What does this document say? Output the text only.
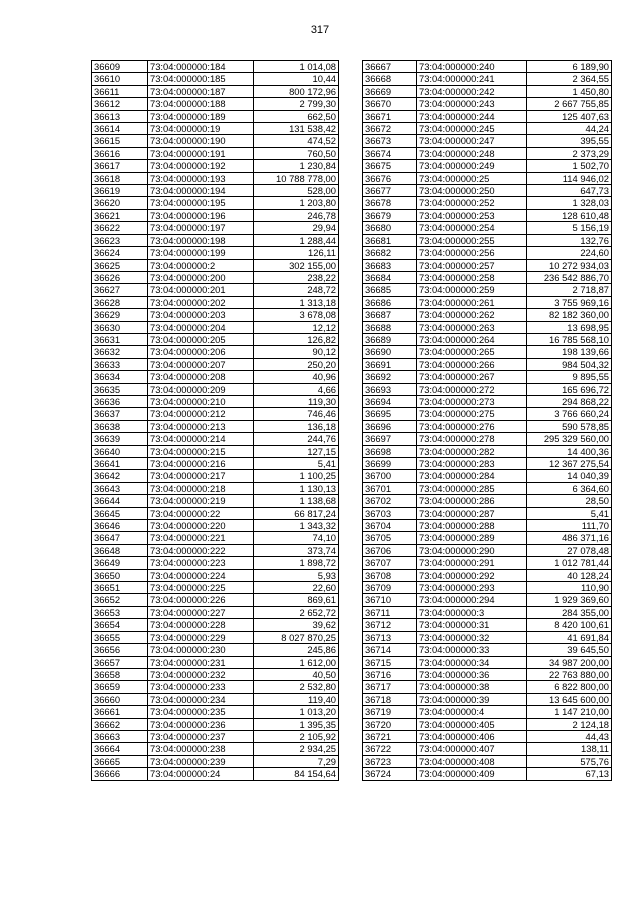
317
36609	73:04:000000:184	1 014,08
36610	73:04:000000:185	10,44
36611	73:04:000000:187	800 172,96
36612	73:04:000000:188	2 799,30
36613	73:04:000000:189	662,50
36614	73:04:000000:19	131 538,42
36615	73:04:000000:190	474,52
36616	73:04:000000:191	760,50
36617	73:04:000000:192	1 230,84
36618	73:04:000000:193	10 788 778,00
36619	73:04:000000:194	528,00
36620	73:04:000000:195	1 203,80
36621	73:04:000000:196	246,78
36622	73:04:000000:197	29,94
36623	73:04:000000:198	1 288,44
36624	73:04:000000:199	126,11
36625	73:04:000000:2	302 155,00
36626	73:04:000000:200	238,22
36627	73:04:000000:201	248,72
36628	73:04:000000:202	1 313,18
36629	73:04:000000:203	3 678,08
36630	73:04:000000:204	12,12
36631	73:04:000000:205	126,82
36632	73:04:000000:206	90,12
36633	73:04:000000:207	250,20
36634	73:04:000000:208	40,96
36635	73:04:000000:209	4,66
36636	73:04:000000:210	119,30
36637	73:04:000000:212	746,46
36638	73:04:000000:213	136,18
36639	73:04:000000:214	244,76
36640	73:04:000000:215	127,15
36641	73:04:000000:216	5,41
36642	73:04:000000:217	1 100,25
36643	73:04:000000:218	1 130,13
36644	73:04:000000:219	1 138,68
36645	73:04:000000:22	66 817,24
36646	73:04:000000:220	1 343,32
36647	73:04:000000:221	74,10
36648	73:04:000000:222	373,74
36649	73:04:000000:223	1 898,72
36650	73:04:000000:224	5,93
36651	73:04:000000:225	22,60
36652	73:04:000000:226	869,61
36653	73:04:000000:227	2 652,72
36654	73:04:000000:228	39,62
36655	73:04:000000:229	8 027 870,25
36656	73:04:000000:230	245,86
36657	73:04:000000:231	1 612,00
36658	73:04:000000:232	40,50
36659	73:04:000000:233	2 532,80
36660	73:04:000000:234	119,40
36661	73:04:000000:235	1 013,20
36662	73:04:000000:236	1 395,35
36663	73:04:000000:237	2 105,92
36664	73:04:000000:238	2 934,25
36665	73:04:000000:239	7,29
36666	73:04:000000:24	84 154,64
36667	73:04:000000:240	6 189,90
36668	73:04:000000:241	2 364,55
36669	73:04:000000:242	1 450,80
36670	73:04:000000:243	2 667 755,85
36671	73:04:000000:244	125 407,63
36672	73:04:000000:245	44,24
36673	73:04:000000:247	395,55
36674	73:04:000000:248	2 373,29
36675	73:04:000000:249	1 502,70
36676	73:04:000000:25	114 946,02
36677	73:04:000000:250	647,73
36678	73:04:000000:252	1 328,03
36679	73:04:000000:253	128 610,48
36680	73:04:000000:254	5 156,19
36681	73:04:000000:255	132,76
36682	73:04:000000:256	224,60
36683	73:04:000000:257	10 272 934,03
36684	73:04:000000:258	236 542 886,70
36685	73:04:000000:259	2 718,87
36686	73:04:000000:261	3 755 969,16
36687	73:04:000000:262	82 182 360,00
36688	73:04:000000:263	13 698,95
36689	73:04:000000:264	16 785 568,10
36690	73:04:000000:265	198 139,66
36691	73:04:000000:266	984 504,32
36692	73:04:000000:267	9 895,55
36693	73:04:000000:272	165 696,72
36694	73:04:000000:273	294 868,22
36695	73:04:000000:275	3 766 660,24
36696	73:04:000000:276	590 578,85
36697	73:04:000000:278	295 329 560,00
36698	73:04:000000:282	14 400,36
36699	73:04:000000:283	12 367 275,54
36700	73:04:000000:284	14 040,39
36701	73:04:000000:285	6 364,60
36702	73:04:000000:286	28,50
36703	73:04:000000:287	5,41
36704	73:04:000000:288	111,70
36705	73:04:000000:289	486 371,16
36706	73:04:000000:290	27 078,48
36707	73:04:000000:291	1 012 781,44
36708	73:04:000000:292	40 128,24
36709	73:04:000000:293	110,90
36710	73:04:000000:294	1 929 369,60
36711	73:04:000000:3	284 355,00
36712	73:04:000000:31	8 420 100,61
36713	73:04:000000:32	41 691,84
36714	73:04:000000:33	39 645,50
36715	73:04:000000:34	34 987 200,00
36716	73:04:000000:36	22 763 880,00
36717	73:04:000000:38	6 822 800,00
36718	73:04:000000:39	13 645 600,00
36719	73:04:000000:4	1 147 210,00
36720	73:04:000000:405	2 124,18
36721	73:04:000000:406	44,43
36722	73:04:000000:407	138,11
36723	73:04:000000:408	575,76
36724	73:04:000000:409	67,13
